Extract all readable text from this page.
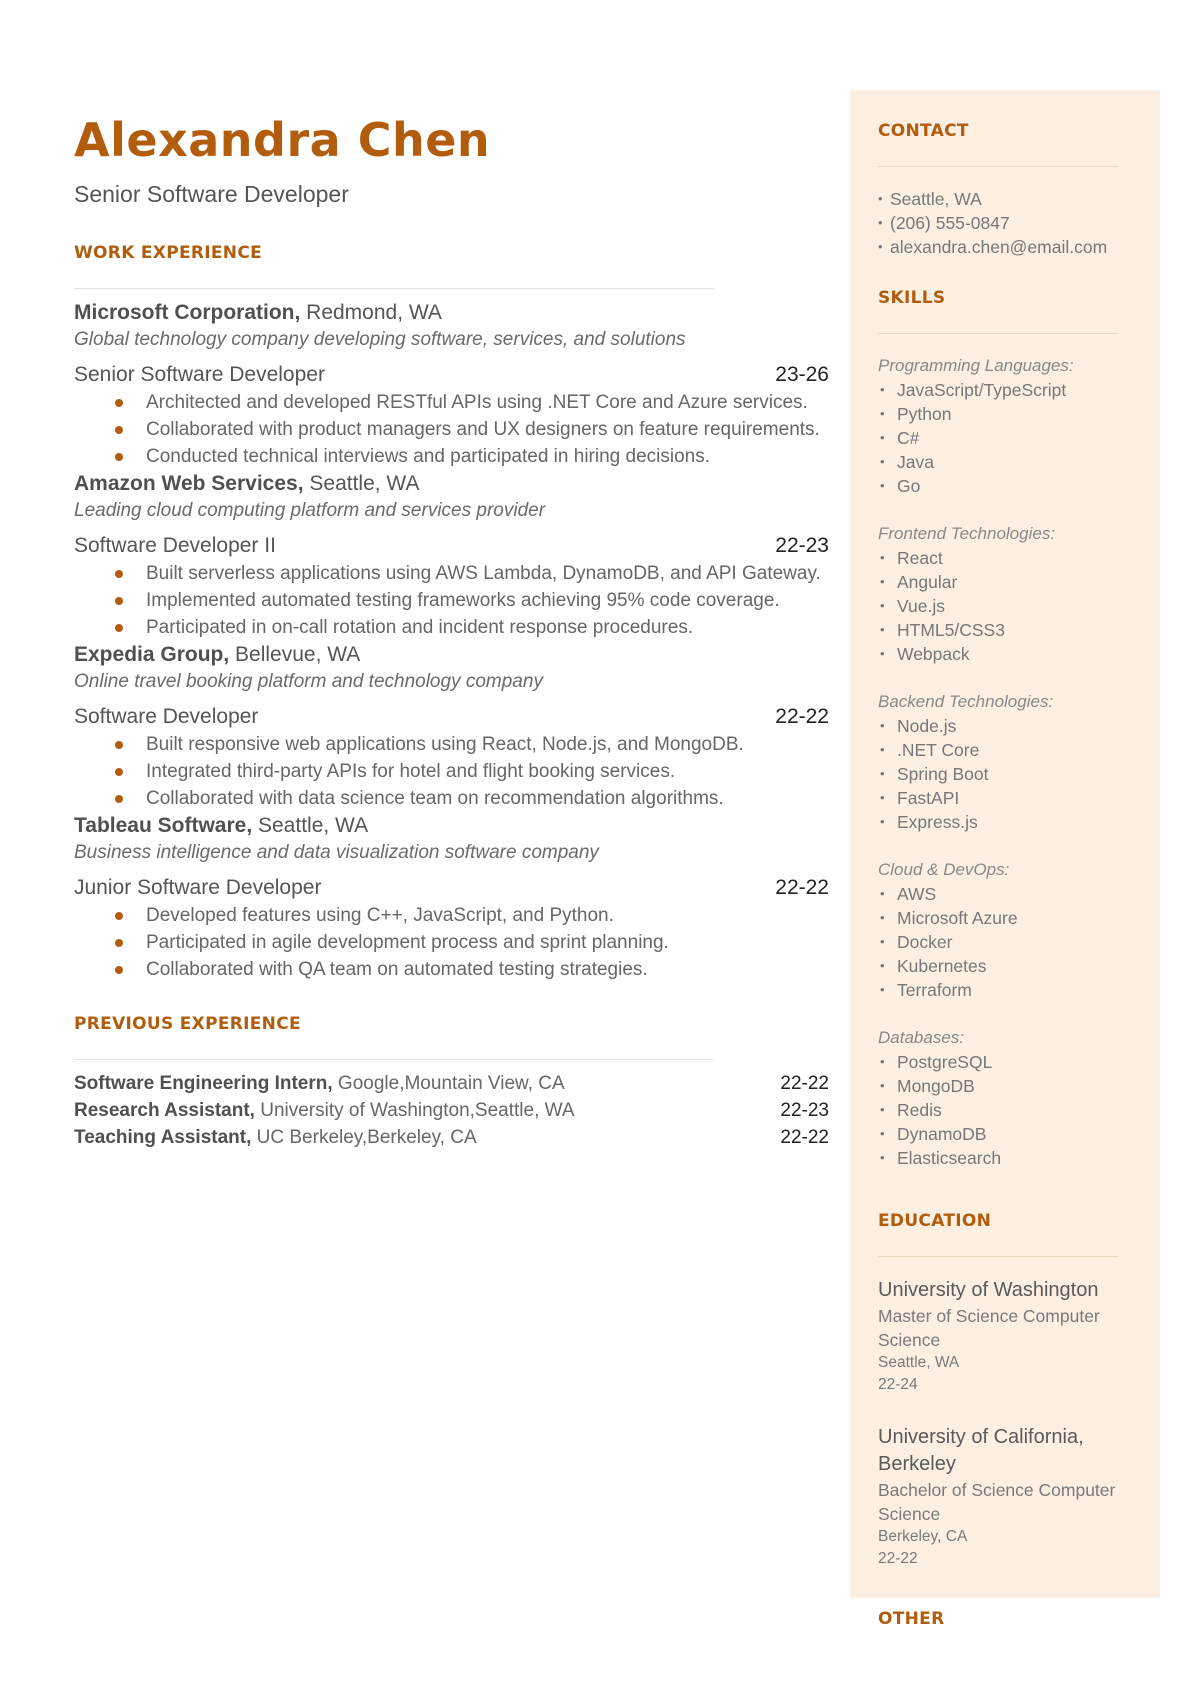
Alexandra Chen
Senior Software Developer
WORK EXPERIENCE
Microsoft Corporation, Redmond, WA
Global technology company developing software, services, and solutions
Senior Software Developer	23-26
Architected and developed RESTful APIs using .NET Core and Azure services.
Collaborated with product managers and UX designers on feature requirements.
Conducted technical interviews and participated in hiring decisions.
Amazon Web Services, Seattle, WA
Leading cloud computing platform and services provider
Software Developer II	22-23
Built serverless applications using AWS Lambda, DynamoDB, and API Gateway.
Implemented automated testing frameworks achieving 95% code coverage.
Participated in on-call rotation and incident response procedures.
Expedia Group, Bellevue, WA
Online travel booking platform and technology company
Software Developer	22-22
Built responsive web applications using React, Node.js, and MongoDB.
Integrated third-party APIs for hotel and flight booking services.
Collaborated with data science team on recommendation algorithms.
Tableau Software, Seattle, WA
Business intelligence and data visualization software company
Junior Software Developer	22-22
Developed features using C++, JavaScript, and Python.
Participated in agile development process and sprint planning.
Collaborated with QA team on automated testing strategies.
PREVIOUS EXPERIENCE
Software Engineering Intern, Google,Mountain View, CA	22-22
Research Assistant, University of Washington,Seattle, WA	22-23
Teaching Assistant, UC Berkeley,Berkeley, CA	22-22
CONTACT
• Seattle, WA
• (206) 555-0847
• alexandra.chen@email.com
SKILLS
Programming Languages:
• JavaScript/TypeScript
• Python
• C#
• Java
• Go
Frontend Technologies:
• React
• Angular
• Vue.js
• HTML5/CSS3
• Webpack
Backend Technologies:
• Node.js
• .NET Core
• Spring Boot
• FastAPI
• Express.js
Cloud & DevOps:
• AWS
• Microsoft Azure
• Docker
• Kubernetes
• Terraform
Databases:
• PostgreSQL
• MongoDB
• Redis
• DynamoDB
• Elasticsearch
EDUCATION
University of Washington
Master of Science Computer Science
Seattle, WA
22-24
University of California, Berkeley
Bachelor of Science Computer Science
Berkeley, CA
22-22
OTHER
